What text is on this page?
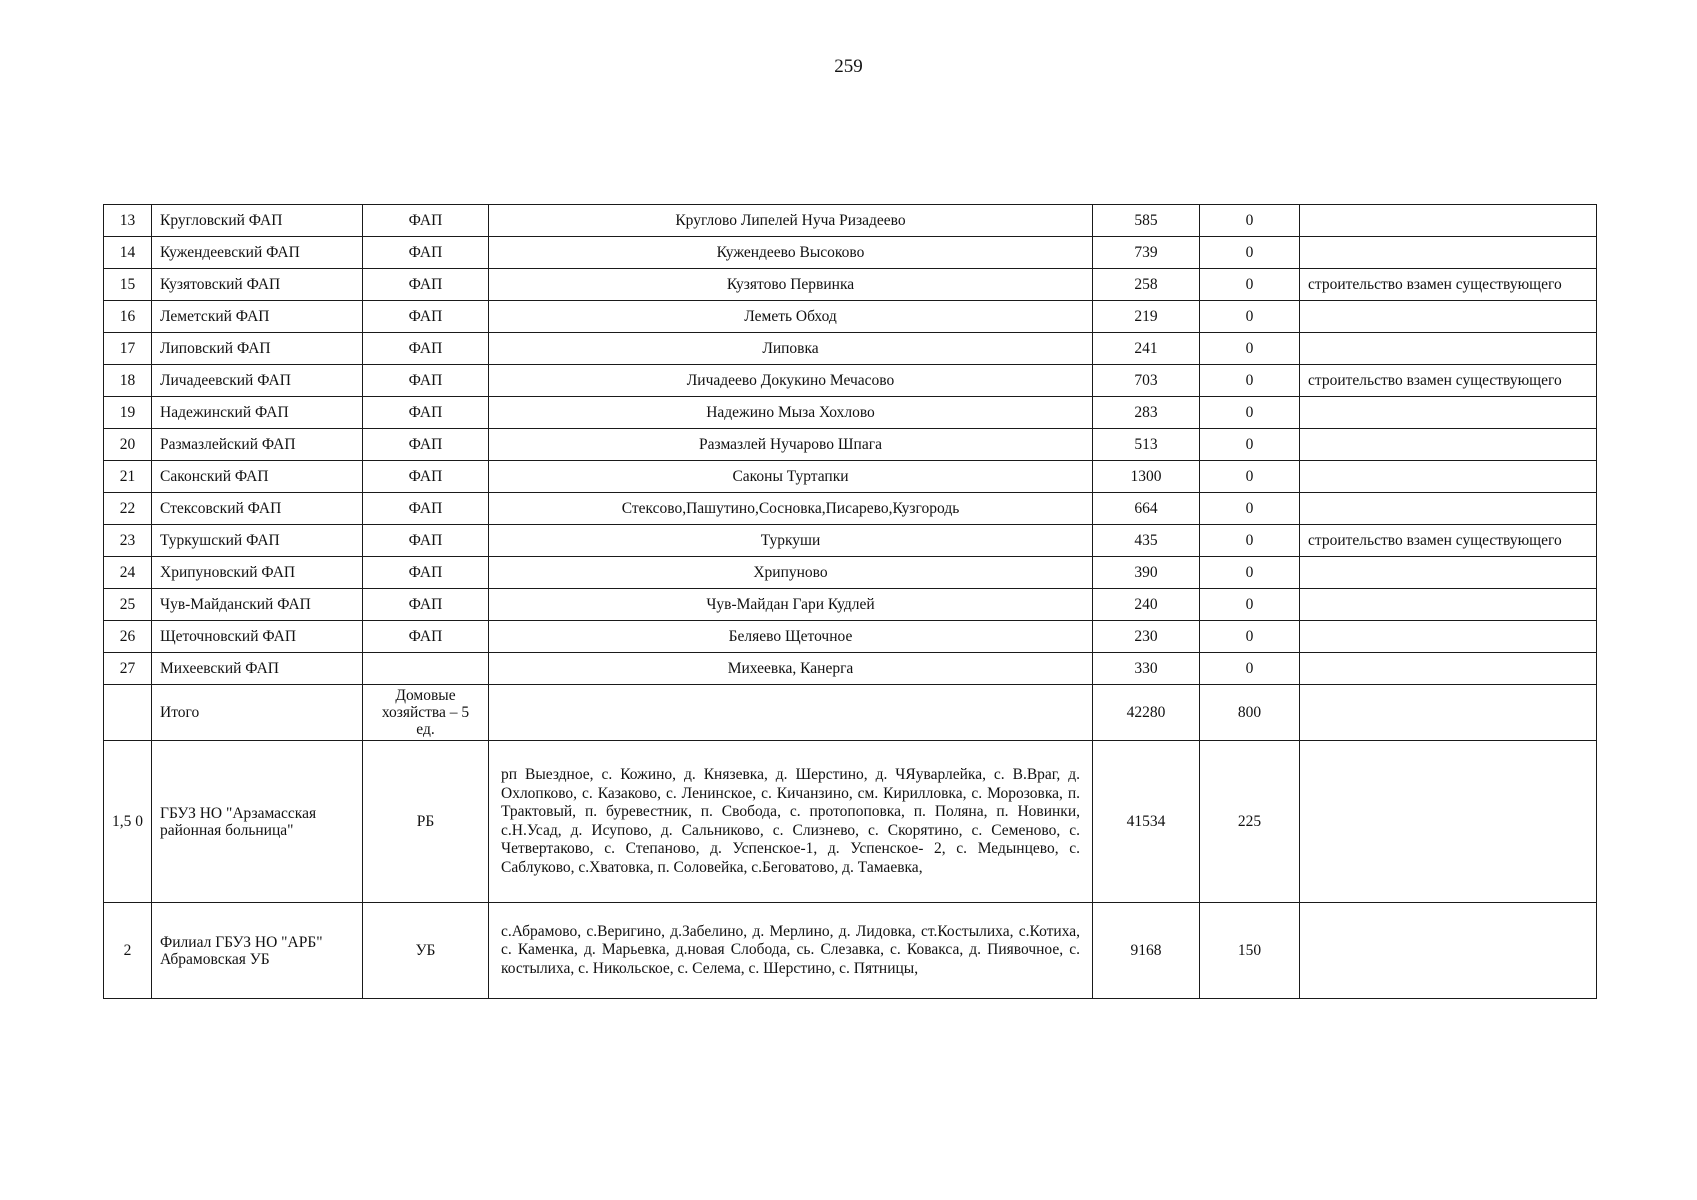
259
13	Кругловский ФАП	ФАП	Круглово Липелей Нуча Ризадеево	585	0	
14	Кужендеевский ФАП	ФАП	Кужендеево Высоково	739	0	
15	Кузятовский ФАП	ФАП	Кузятово Первинка	258	0	строительство взамен существующего
16	Леметский ФАП	ФАП	Леметь Обход	219	0	
17	Липовский ФАП	ФАП	Липовка	241	0	
18	Личадеевский ФАП	ФАП	Личадеево Докукино Мечасово	703	0	строительство взамен существующего
19	Надежинский ФАП	ФАП	Надежино Мыза Хохлово	283	0	
20	Размазлейский ФАП	ФАП	Размазлей Нучарово Шпага	513	0	
21	Саконский ФАП	ФАП	Саконы Туртапки	1300	0	
22	Стексовский ФАП	ФАП	Стексово,Пашутино,Сосновка,Писарево,Кузгородь	664	0	
23	Туркушский ФАП	ФАП	Туркуши	435	0	строительство взамен существующего
24	Хрипуновский ФАП	ФАП	Хрипуново	390	0	
25	Чув-Майданский ФАП	ФАП	Чув-Майдан Гари Кудлей	240	0	
26	Щеточновский ФАП	ФАП	Беляево Щеточное	230	0	
27	Михеевский ФАП		Михеевка, Канерга	330	0	
	Итого	Домовые хозяйства – 5 ед.		42280	800	
1,5 0	ГБУЗ НО "Арзамасская районная больница"	РБ	рп Выездное, с. Кожино, д. Князевка, д. Шерстино, д. ЧЯуварлейка, с. В.Враг, д. Охлопково, с. Казаково, с. Ленинское, с. Кичанзино, см. Кирилловка, с. Морозовка, п. Трактовый, п. буревестник, п. Свобода, с. протопоповка, п. Поляна, п. Новинки, с.Н.Усад, д. Исупово, д. Сальниково, с. Слизнево, с. Скорятино, с. Семеново, с. Четвертаково, с. Степаново, д. Успенское-1, д. Успенское- 2, с. Медынцево, с. Саблуково, с.Хватовка, п. Соловейка, с.Беговатово, д. Тамаевка,	41534	225	
2	Филиал ГБУЗ НО "АРБ" Абрамовская УБ	УБ	с.Абрамово, с.Веригино, д.Забелино, д. Мерлино, д. Лидовка, ст.Костылиха, с.Котиха, с. Каменка, д. Марьевка, д.новая Слобода, сь. Слезавка, с. Ковакса, д. Пиявочное, с. костылиха, с. Никольское, с. Селема, с. Шерстино, с. Пятницы,	9168	150	
